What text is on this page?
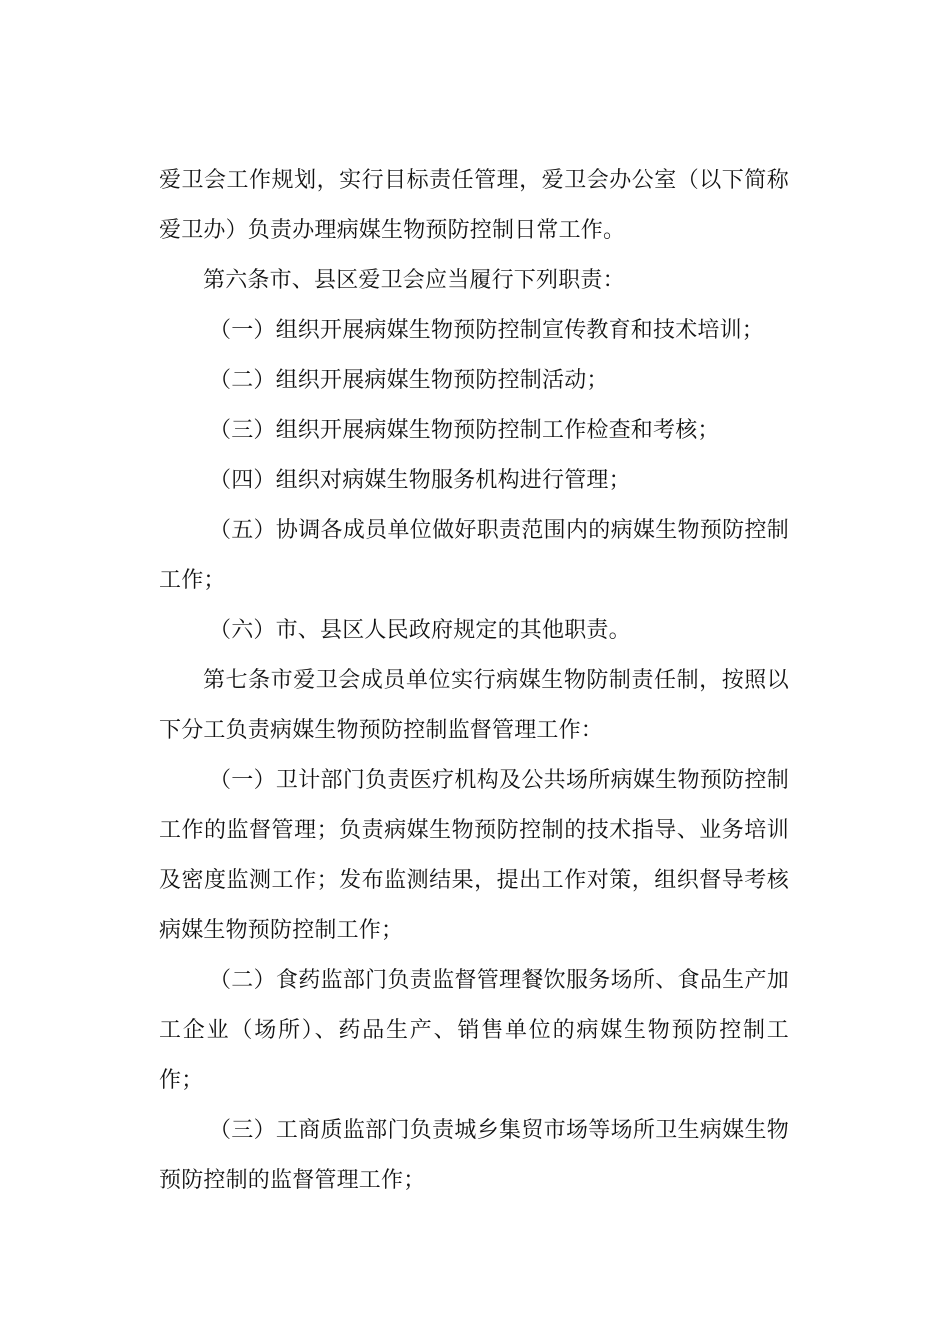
爱卫会工作规划，实行目标责任管理，爱卫会办公室（以下简称爱卫办）负责办理病媒生物预防控制日常工作。

第六条市、县区爱卫会应当履行下列职责：

（一）组织开展病媒生物预防控制宣传教育和技术培训；

（二）组织开展病媒生物预防控制活动；

（三）组织开展病媒生物预防控制工作检查和考核；

（四）组织对病媒生物服务机构进行管理；

（五）协调各成员单位做好职责范围内的病媒生物预防控制工作；

（六）市、县区人民政府规定的其他职责。

第七条市爱卫会成员单位实行病媒生物防制责任制，按照以下分工负责病媒生物预防控制监督管理工作：

（一）卫计部门负责医疗机构及公共场所病媒生物预防控制工作的监督管理；负责病媒生物预防控制的技术指导、业务培训及密度监测工作；发布监测结果，提出工作对策，组织督导考核病媒生物预防控制工作；

（二）食药监部门负责监督管理餐饮服务场所、食品生产加工企业（场所）、药品生产、销售单位的病媒生物预防控制工作；

（三）工商质监部门负责城乡集贸市场等场所卫生病媒生物预防控制的监督管理工作；
